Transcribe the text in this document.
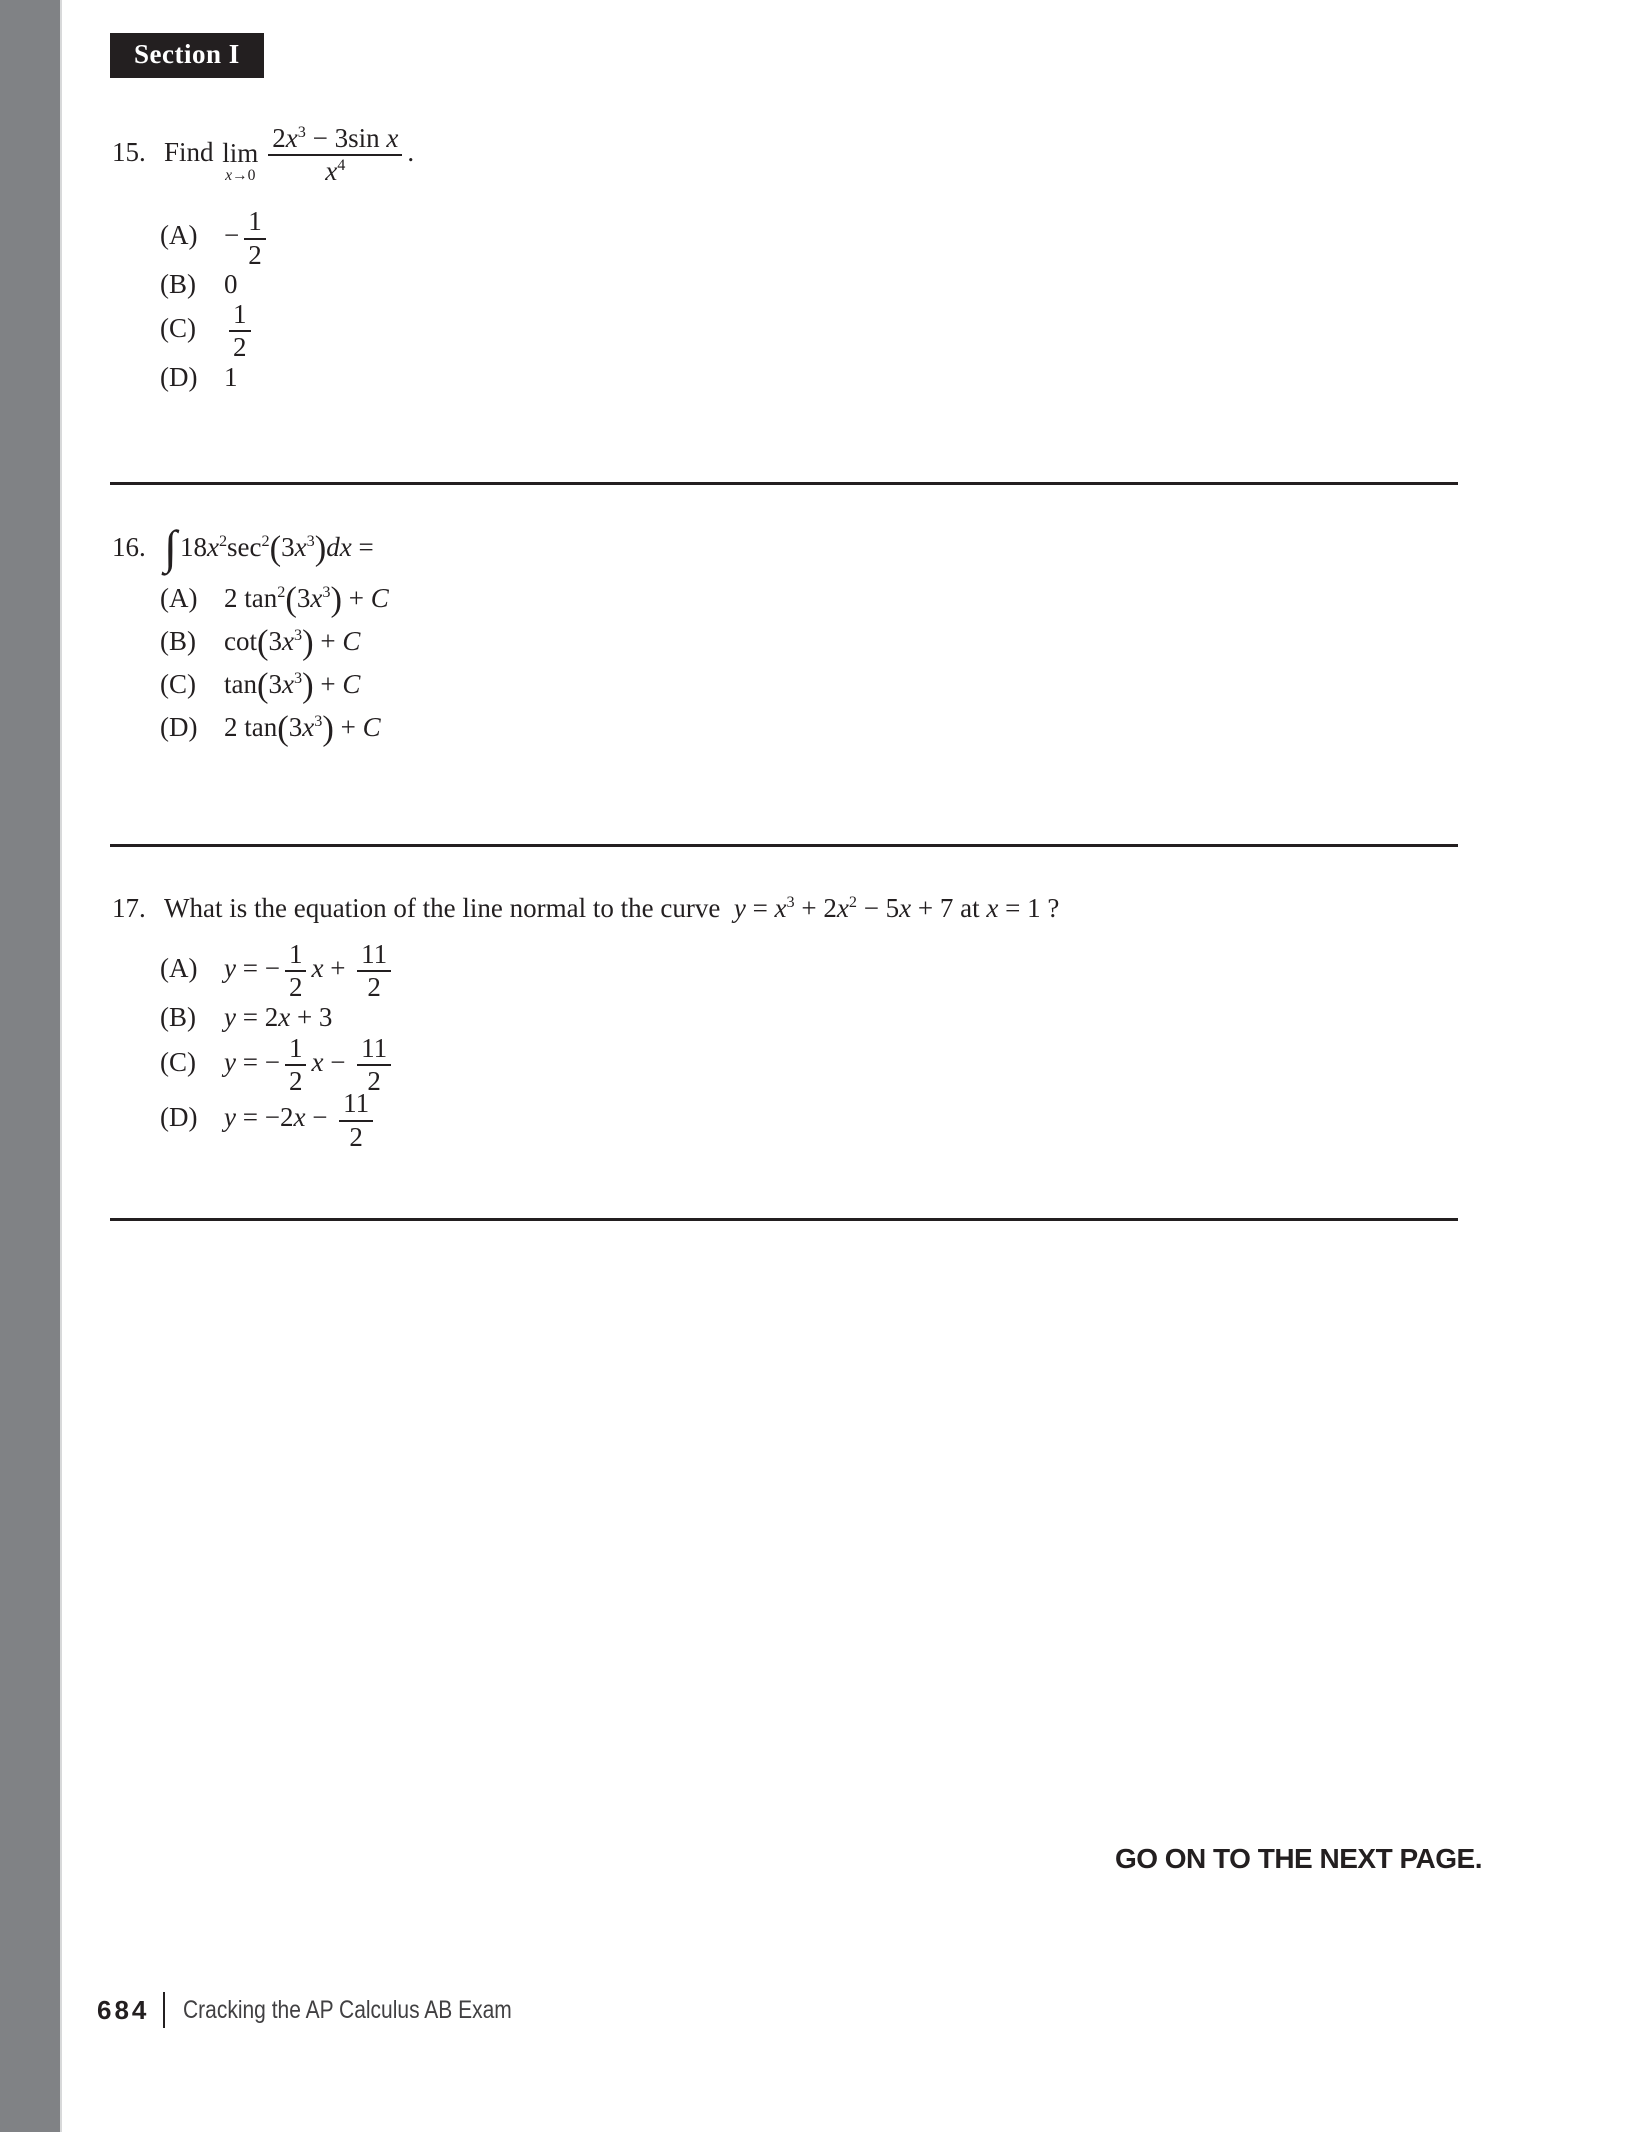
Section I
15. Find lim
$x\to 0 \frac{2x^3 - 3\sin x}{x^4}$ .
$(A) - \frac{1}{2}$
(B)	0
(C)	$\frac{1}{2}$
(D) 1
16. ∫ $18x^2\sec^2(3x^3)dx$ =
(A) 2 $\tan^2(3x^3) + C$
(B)	$\cot(3x^3) + C$
(C)	$\tan(3x^3) + C$
(D) 2 $\tan(3x^3) + C$
17. What is the equation of the line normal to the curve  $y = x^3 + 2x^2 - 5x + 7$ at x = 1 ?
(A) y = − $\frac{1}{2}$ $x + \frac{11}{2}$
(B)	y = 2x + 3
(C)	y = − $\frac{1}{2}$ $x - \frac{11}{2}$
(D) $y = -2x - \frac{11}{2}$
GO ON TO THE NEXT PAGE.
684 Cracking the AP Calculus AB Exam
